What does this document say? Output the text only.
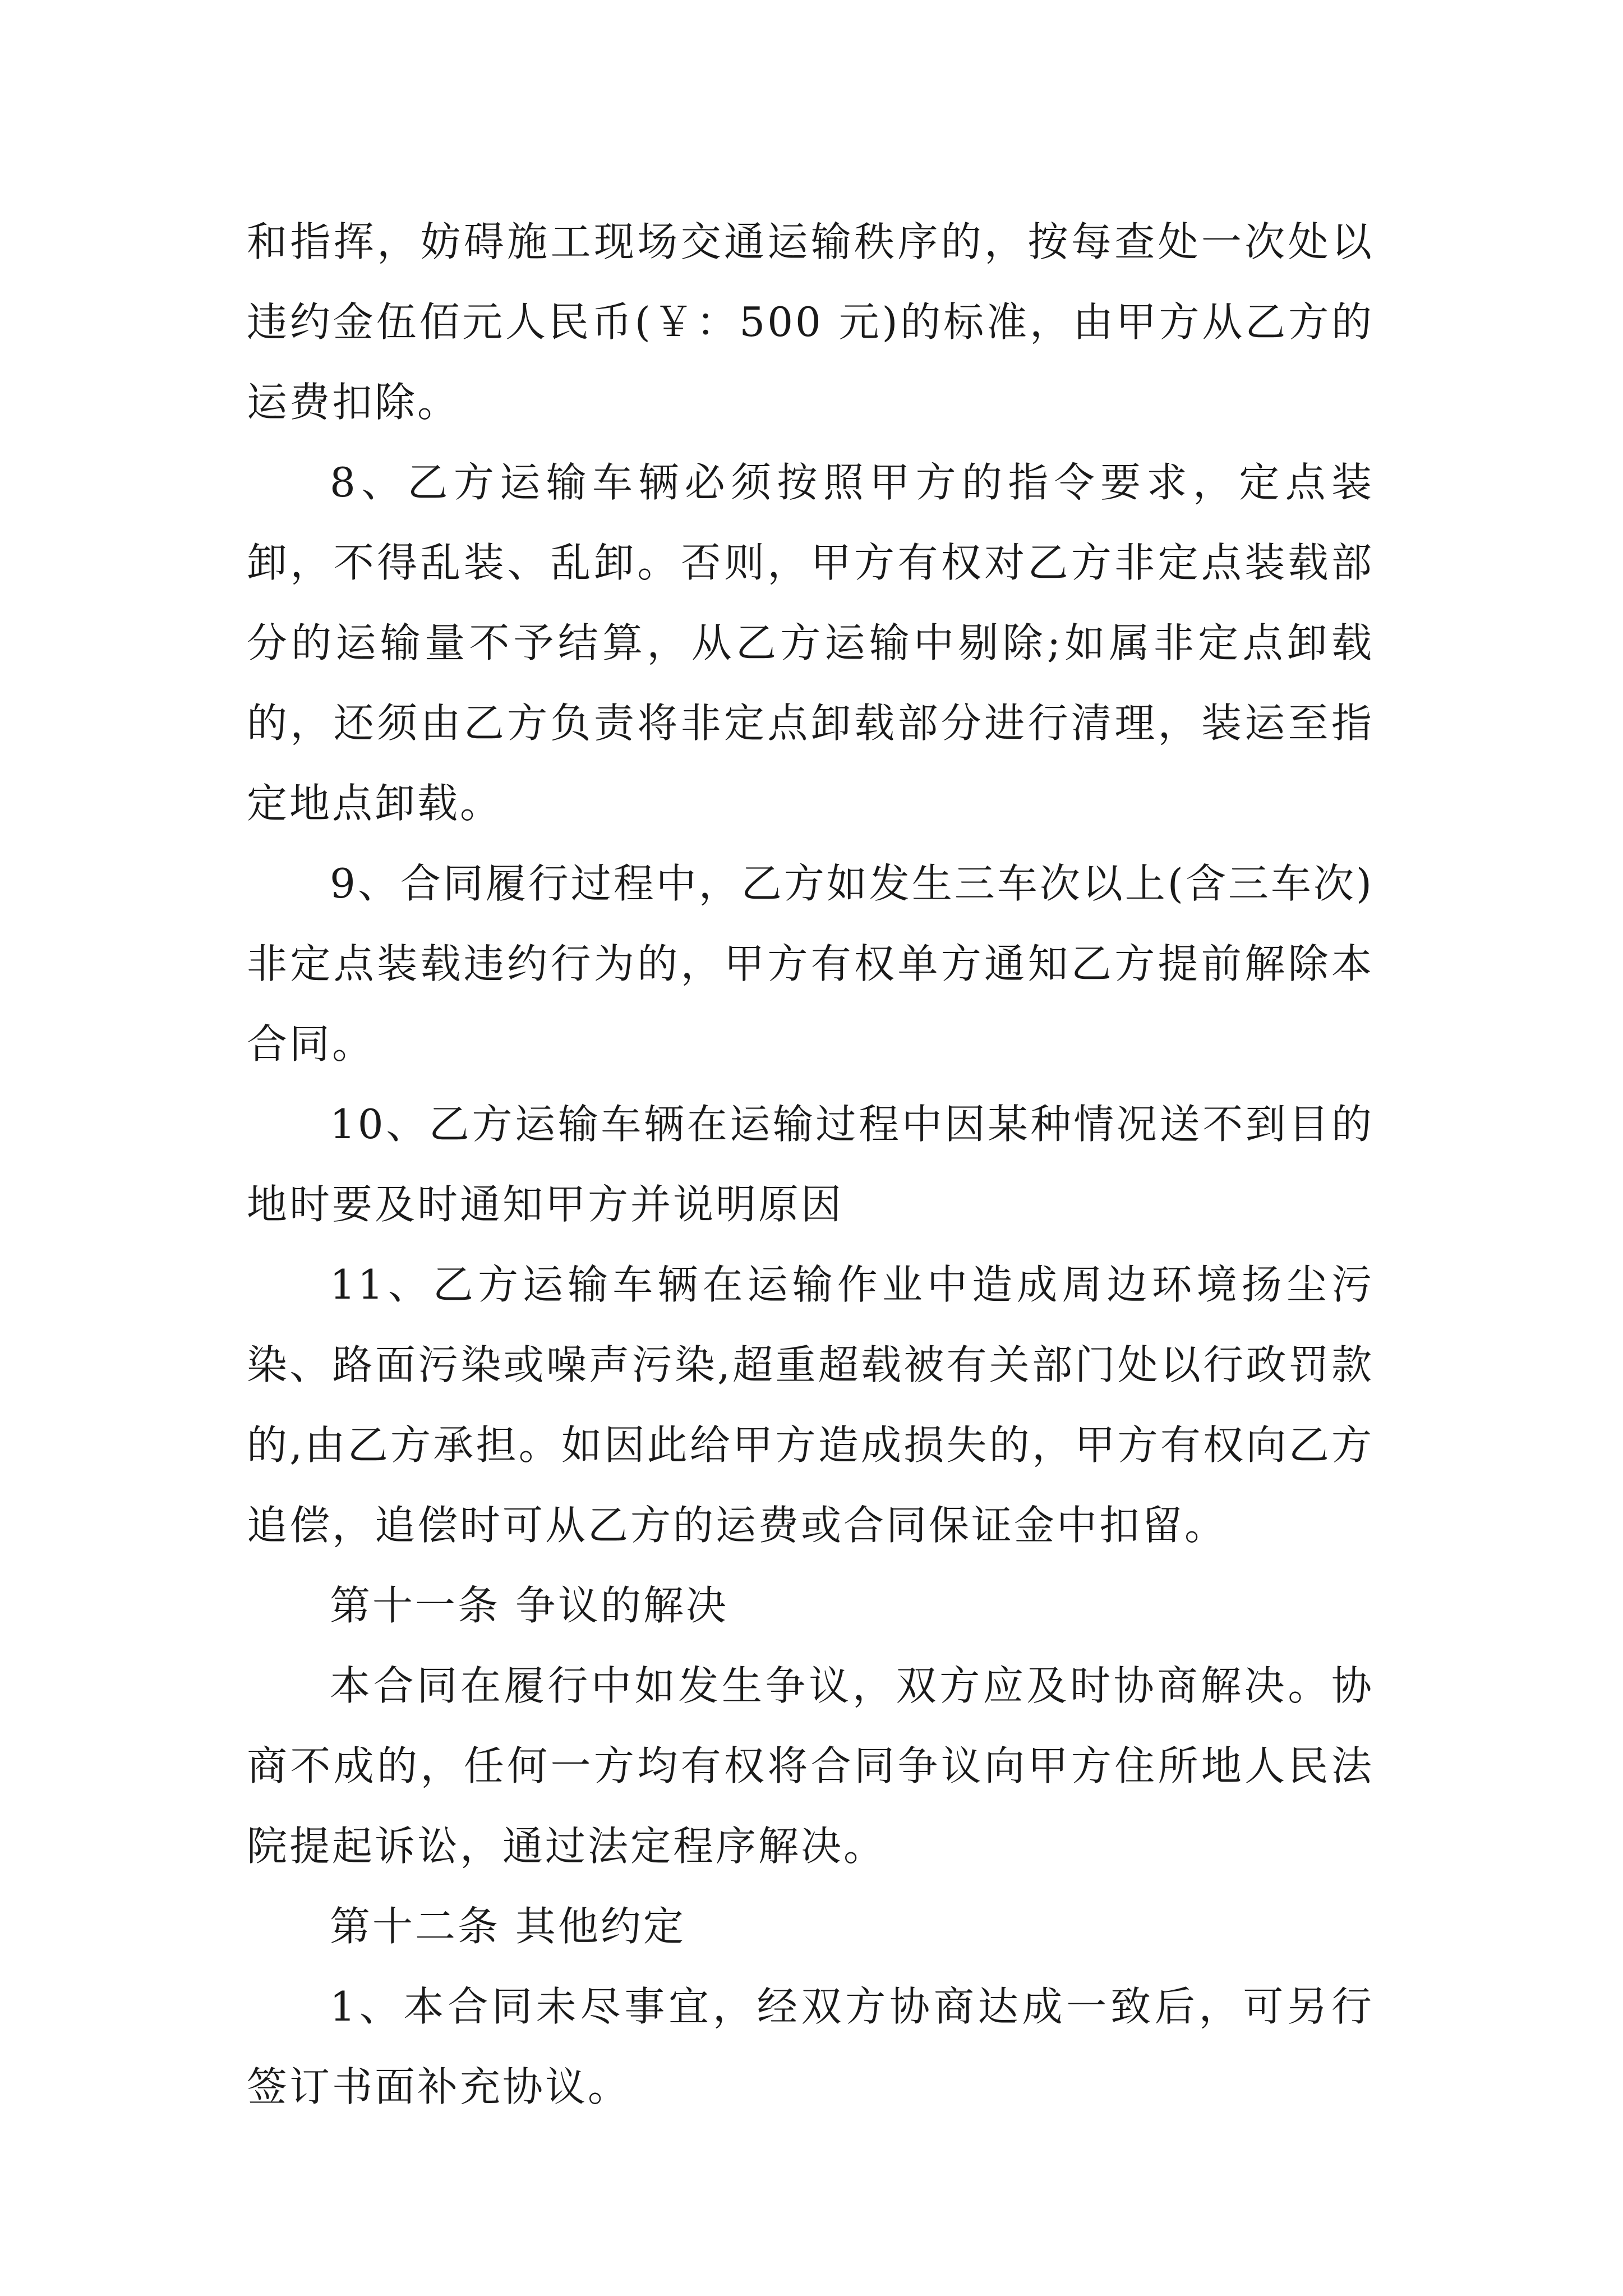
和指挥，妨碍施工现场交通运输秩序的，按每查处一次处以违约金伍佰元人民币(￥：500 元)的标准，由甲方从乙方的运费扣除。

8、乙方运输车辆必须按照甲方的指令要求，定点装卸，不得乱装、乱卸。否则，甲方有权对乙方非定点装载部分的运输量不予结算，从乙方运输中剔除;如属非定点卸载的，还须由乙方负责将非定点卸载部分进行清理，装运至指定地点卸载。

9、合同履行过程中，乙方如发生三车次以上(含三车次)非定点装载违约行为的，甲方有权单方通知乙方提前解除本合同。

10、乙方运输车辆在运输过程中因某种情况送不到目的地时要及时通知甲方并说明原因

11、乙方运输车辆在运输作业中造成周边环境扬尘污染、路面污染或噪声污染,超重超载被有关部门处以行政罚款的,由乙方承担。如因此给甲方造成损失的，甲方有权向乙方追偿，追偿时可从乙方的运费或合同保证金中扣留。

第十一条 争议的解决

本合同在履行中如发生争议，双方应及时协商解决。协商不成的，任何一方均有权将合同争议向甲方住所地人民法院提起诉讼，通过法定程序解决。

第十二条 其他约定

1、本合同未尽事宜，经双方协商达成一致后，可另行签订书面补充协议。
